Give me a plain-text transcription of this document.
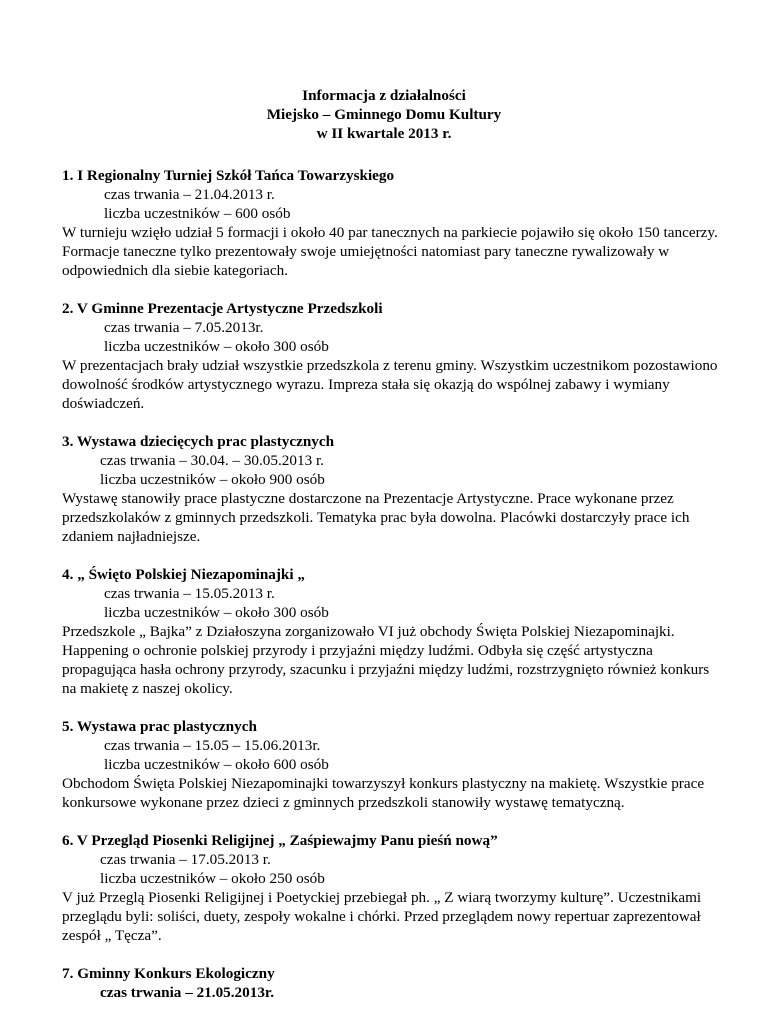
Informacja z działalności
Miejsko – Gminnego Domu Kultury
w II kwartale 2013 r.
1. I Regionalny Turniej Szkół Tańca Towarzyskiego
czas trwania – 21.04.2013 r.
liczba uczestników – 600 osób
W turnieju wzięło udział 5 formacji i około 40 par tanecznych na parkiecie pojawiło się około 150 tancerzy. Formacje taneczne tylko prezentowały swoje umiejętności natomiast pary taneczne rywalizowały w odpowiednich dla siebie kategoriach.
2. V Gminne Prezentacje Artystyczne Przedszkoli
czas trwania – 7.05.2013r.
liczba uczestników – około 300 osób
W prezentacjach brały udział wszystkie przedszkola z terenu gminy. Wszystkim uczestnikom pozostawiono dowolność środków artystycznego wyrazu. Impreza stała się okazją do wspólnej zabawy i wymiany doświadczeń.
3. Wystawa dziecięcych prac plastycznych
czas trwania – 30.04. – 30.05.2013 r.
liczba uczestników – około 900 osób
Wystawę stanowiły prace plastyczne dostarczone na Prezentacje Artystyczne. Prace wykonane przez przedszkolaków z gminnych przedszkoli. Tematyka prac była dowolna. Placówki dostarczyły prace ich zdaniem najładniejsze.
4. „ Święto Polskiej Niezapominajki „
czas trwania – 15.05.2013 r.
liczba uczestników – około 300 osób
Przedszkole „ Bajka” z Działoszyna zorganizowało VI już obchody Święta Polskiej Niezapominajki. Happening o ochronie polskiej przyrody i przyjaźni między ludźmi. Odbyła się część artystyczna propagująca hasła ochrony przyrody, szacunku i przyjaźni między ludźmi, rozstrzygnięto również konkurs na makietę z naszej okolicy.
5. Wystawa prac plastycznych
czas trwania – 15.05 – 15.06.2013r.
liczba uczestników – około 600 osób
Obchodom Święta Polskiej Niezapominajki towarzyszył konkurs plastyczny na makietę. Wszystkie prace konkursowe wykonane przez dzieci z gminnych przedszkoli stanowiły wystawę tematyczną.
6. V Przegląd Piosenki Religijnej „ Zaśpiewajmy Panu pieśń nową”
czas trwania – 17.05.2013 r.
liczba uczestników – około 250 osób
V już Przeglą Piosenki Religijnej i Poetyckiej przebiegał ph. „ Z wiarą tworzymy kulturę”. Uczestnikami przeglądu byli: soliści, duety, zespoły wokalne i chórki. Przed przeglądem nowy repertuar zaprezentował zespół „ Tęcza”.
7. Gminny Konkurs Ekologiczny
czas trwania – 21.05.2013r.
